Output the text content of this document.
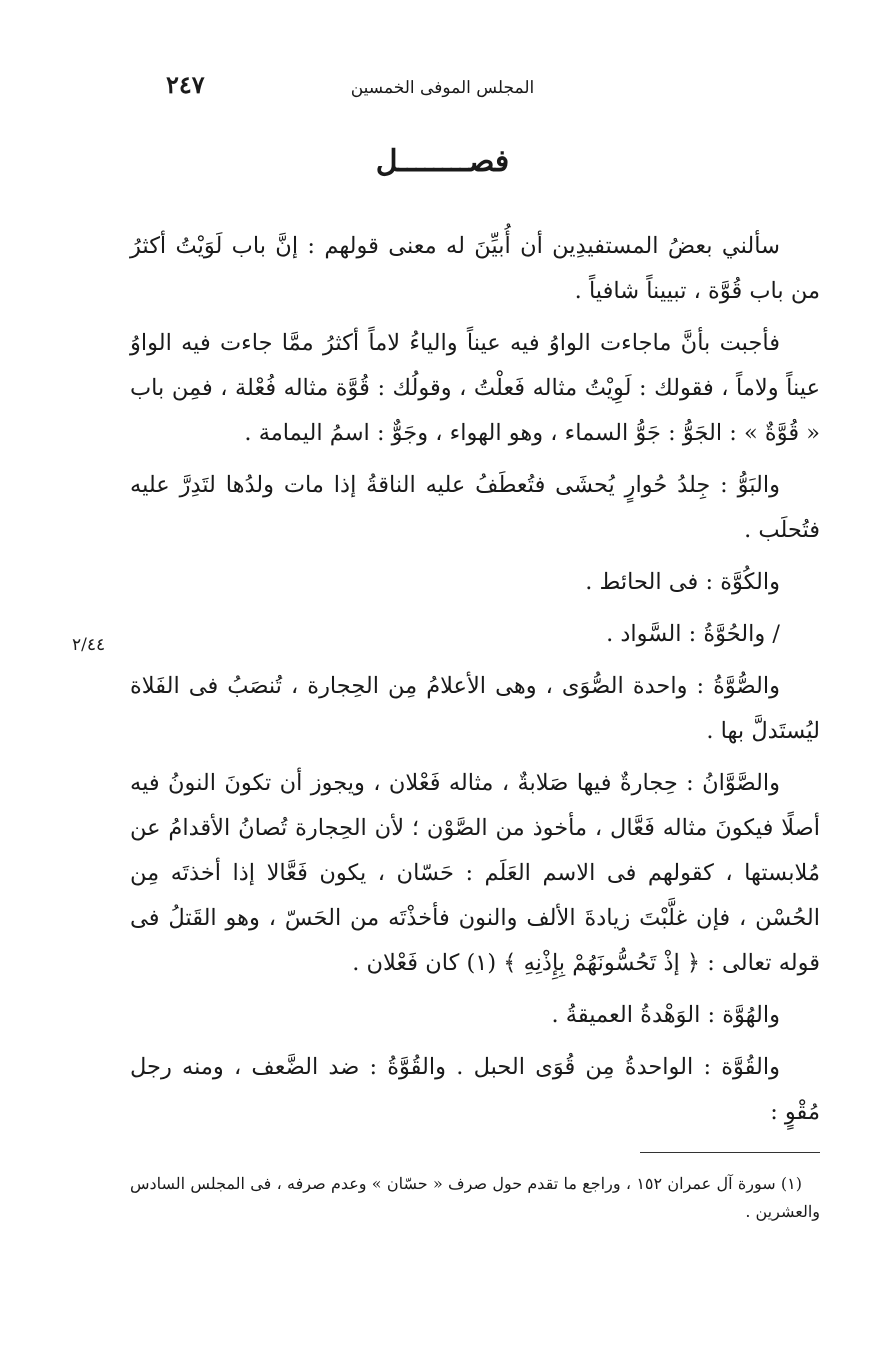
٢٤٧	المجلس الموفى الخمسين
فصــــــــل
٢/٤٤

سألني بعضُ المستفيدِين أن أُبيِّنَ له معنى قولهم : إنَّ باب لَوَيْتُ أكثرُ من باب قُوَّة ، تبييناً شافياً .

فأجبت بأنَّ ماجاءت الواوُ فيه عيناً والياءُ لاماً أكثرُ ممَّا جاءت فيه الواوُ عيناً ولاماً ، فقولك : لَوِيْتُ مثاله فَعلْتُ ، وقولُك : قُوَّة مثاله فُعْلة ، فمِن باب « قُوَّةٌ » : الجَوُّ : جَوُّ السماء ، وهو الهواء ، وجَوٌّ : اسمُ اليمامة .

والبَوُّ : جِلدُ حُوارٍ يُحشَى فتُعطَفُ عليه الناقةُ إذا مات ولدُها لتَدِرَّ عليه فتُحلَب .

والكُوَّة : فى الحائط .

/ والحُوَّةُ : السَّواد .

والصُّوَّةُ : واحدة الصُّوَى ، وهى الأعلامُ مِن الحِجارة ، تُنصَبُ فى الفَلاة ليُستَدلَّ بها .

والصَّوَّانُ : حِجارةٌ فيها صَلابةٌ ، مثاله فَعْلان ، ويجوز أن تكونَ النونُ فيه أصلًا فيكونَ مثاله فَعَّال ، مأخوذ من الصَّوْن ؛ لأن الحِجارة تُصانُ الأقدامُ عن مُلابستها ، كقولهم فى الاسم العَلَم : حَسّان ، يكون فَعَّالا إذا أخذتَه مِن الحُسْن ، فإن غلَّبْتَ زيادةَ الألف والنون فأخذْتَه من الحَسّ ، وهو القَتلُ فى قوله تعالى : ﴿ إذْ تَحُسُّونَهُمْ بِإِذْنِهِ ﴾ (١) كان فَعْلان .

والهُوَّة : الوَهْدةُ العميقةُ .

والقُوَّة : الواحدةُ مِن قُوَى الحبل . والقُوَّةُ : ضد الضَّعف ، ومنه رجل مُقْوٍ :

(١) سورة آل عمران ١٥٢ ، وراجع ما تقدم حول صرف « حسّان » وعدم صرفه ، فى المجلس السادس والعشرين .
